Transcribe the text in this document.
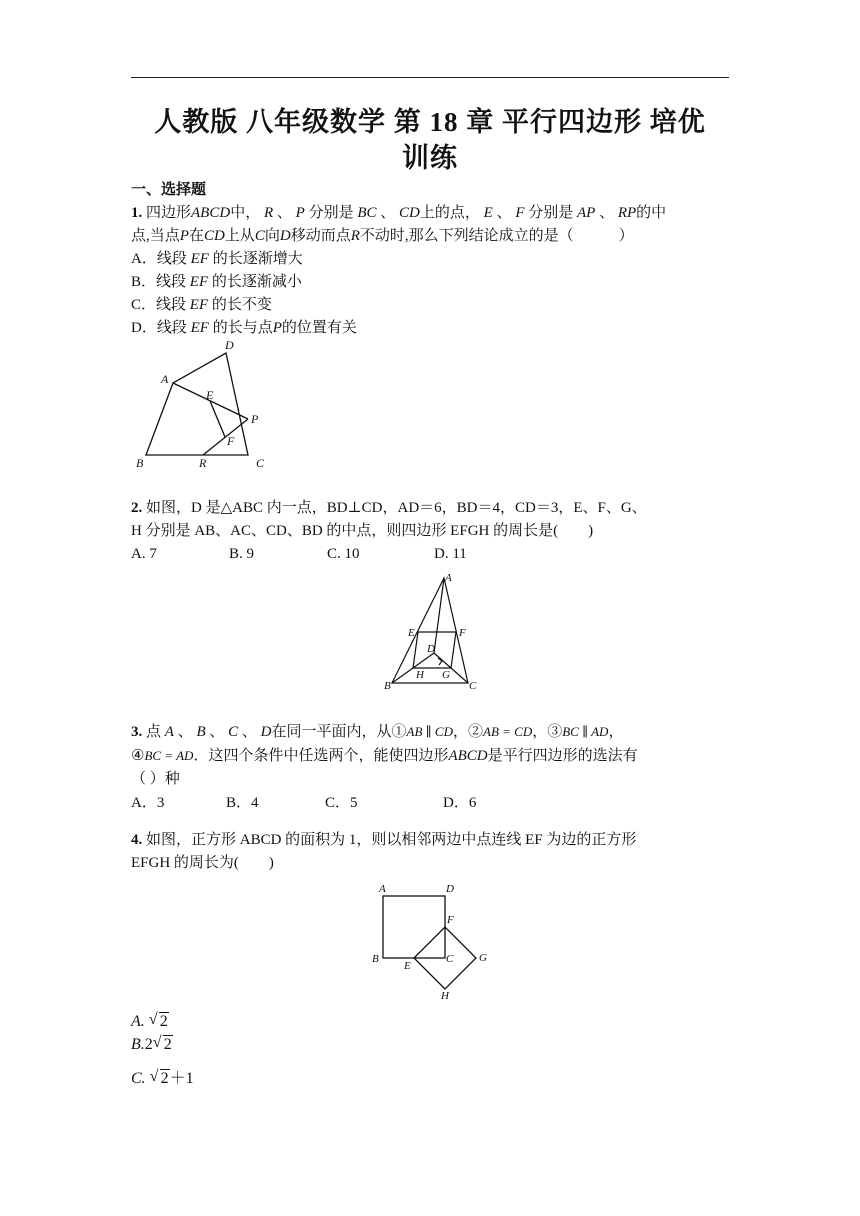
人教版 八年级数学 第 18 章 平行四边形 培优
训练
一、选择题
1. 四边形ABCD中， R 、 P 分别是 BC 、 CD上的点， E 、 F 分别是 AP 、 RP的中
点,当点P在CD上从C向D移动而点R不动时,那么下列结论成立的是（　　　）
A．线段 EF 的长逐渐增大
B．线段 EF 的长逐渐减小
C．线段 EF 的长不变
D．线段 EF 的长与点P的位置有关
A
D
E
P
F
B	R	C
2. 如图，D 是△ABC 内一点，BD⊥CD，AD＝6，BD＝4，CD＝3，E、F、G、
H 分别是 AB、AC、CD、BD 的中点，则四边形 EFGH 的周长是(　　)
A. 7	B. 9	C. 10	D. 11
A
E	F
D
H G
B	C
3. 点 A 、 B 、 C 、 D在同一平面内，从①AB ∥ CD，②AB = CD，③BC ∥ AD，
④BC = AD．这四个条件中任选两个，能使四边形ABCD是平行四边形的选法有
（ ）种
A．3	B．4	C．5	D．6
4. 如图，正方形 ABCD 的面积为 1，则以相邻两边中点连线 EF 为边的正方形
EFGH 的周长为(　　)
A	D
F
B
E
C G
H
A. √ 2
B.2 √ 2
C. √ 2＋1
